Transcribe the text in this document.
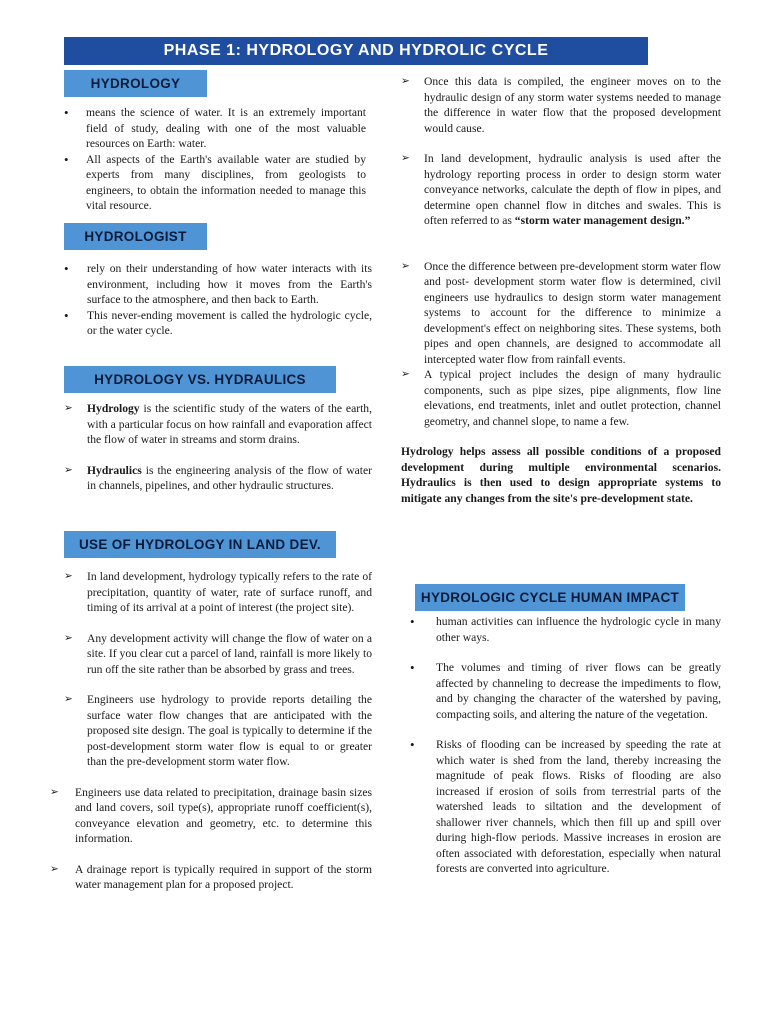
PHASE 1: HYDROLOGY AND HYDROLIC CYCLE
HYDROLOGY
• means the science of water. It is an extremely important field of study, dealing with one of the most valuable resources on Earth: water.
• All aspects of the Earth's available water are studied by experts from many disciplines, from geologists to engineers, to obtain the information needed to manage this vital resource.
HYDROLOGIST
• rely on their understanding of how water interacts with its environment, including how it moves from the Earth's surface to the atmosphere, and then back to Earth.
• This never-ending movement is called the hydrologic cycle, or the water cycle.
HYDROLOGY VS. HYDRAULICS
➢ Hydrology is the scientific study of the waters of the earth, with a particular focus on how rainfall and evaporation affect the flow of water in streams and storm drains.
➢ Hydraulics is the engineering analysis of the flow of water in channels, pipelines, and other hydraulic structures.
USE OF HYDROLOGY IN LAND DEV.
➢ In land development, hydrology typically refers to the rate of precipitation, quantity of water, rate of surface runoff, and timing of its arrival at a point of interest (the project site).
➢ Any development activity will change the flow of water on a site. If you clear cut a parcel of land, rainfall is more likely to run off the site rather than be absorbed by grass and trees.
➢ Engineers use hydrology to provide reports detailing the surface water flow changes that are anticipated with the proposed site design. The goal is typically to determine if the post-development storm water flow is equal to or greater than the pre-development storm water flow.
➢	Engineers use data related to precipitation, drainage basin sizes and land covers, soil type(s), appropriate runoff coefficient(s), conveyance elevation and geometry, etc. to determine this information.
➢	A drainage report is typically required in support of the storm water management plan for a proposed project.
➢ Once this data is compiled, the engineer moves on to the hydraulic design of any storm water systems needed to manage the difference in water flow that the proposed development would cause.
➢ In land development, hydraulic analysis is used after the hydrology reporting process in order to design storm water conveyance networks, calculate the depth of flow in pipes, and determine open channel flow in ditches and swales. This is often referred to as “storm water management design.”
➢ Once the difference between pre-development storm water flow and post- development storm water flow is determined, civil engineers use hydraulics to design storm water management systems to account for the difference to minimize a development's effect on neighboring sites. These systems, both pipes and open channels, are designed to accommodate all intercepted water flow from rainfall events.
➢ A typical project includes the design of many hydraulic components, such as pipe sizes, pipe alignments, flow line elevations, end treatments, inlet and outlet protection, channel geometry, and channel slope, to name a few.
Hydrology helps assess all possible conditions of a proposed development during multiple environmental scenarios. Hydraulics is then used to design appropriate systems to mitigate any changes from the site's pre-development state.
HYDROLOGIC CYCLE HUMAN IMPACT
• human activities can influence the hydrologic cycle in many other ways.
• The volumes and timing of river flows can be greatly affected by channeling to decrease the impediments to flow, and by changing the character of the watershed by paving, compacting soils, and altering the nature of the vegetation.
• Risks of flooding can be increased by speeding the rate at which water is shed from the land, thereby increasing the magnitude of peak flows. Risks of flooding are also increased if erosion of soils from terrestrial parts of the watershed leads to siltation and the development of shallower river channels, which then fill up and spill over during high-flow periods. Massive increases in erosion are often associated with deforestation, especially when natural forests are converted into agriculture.
